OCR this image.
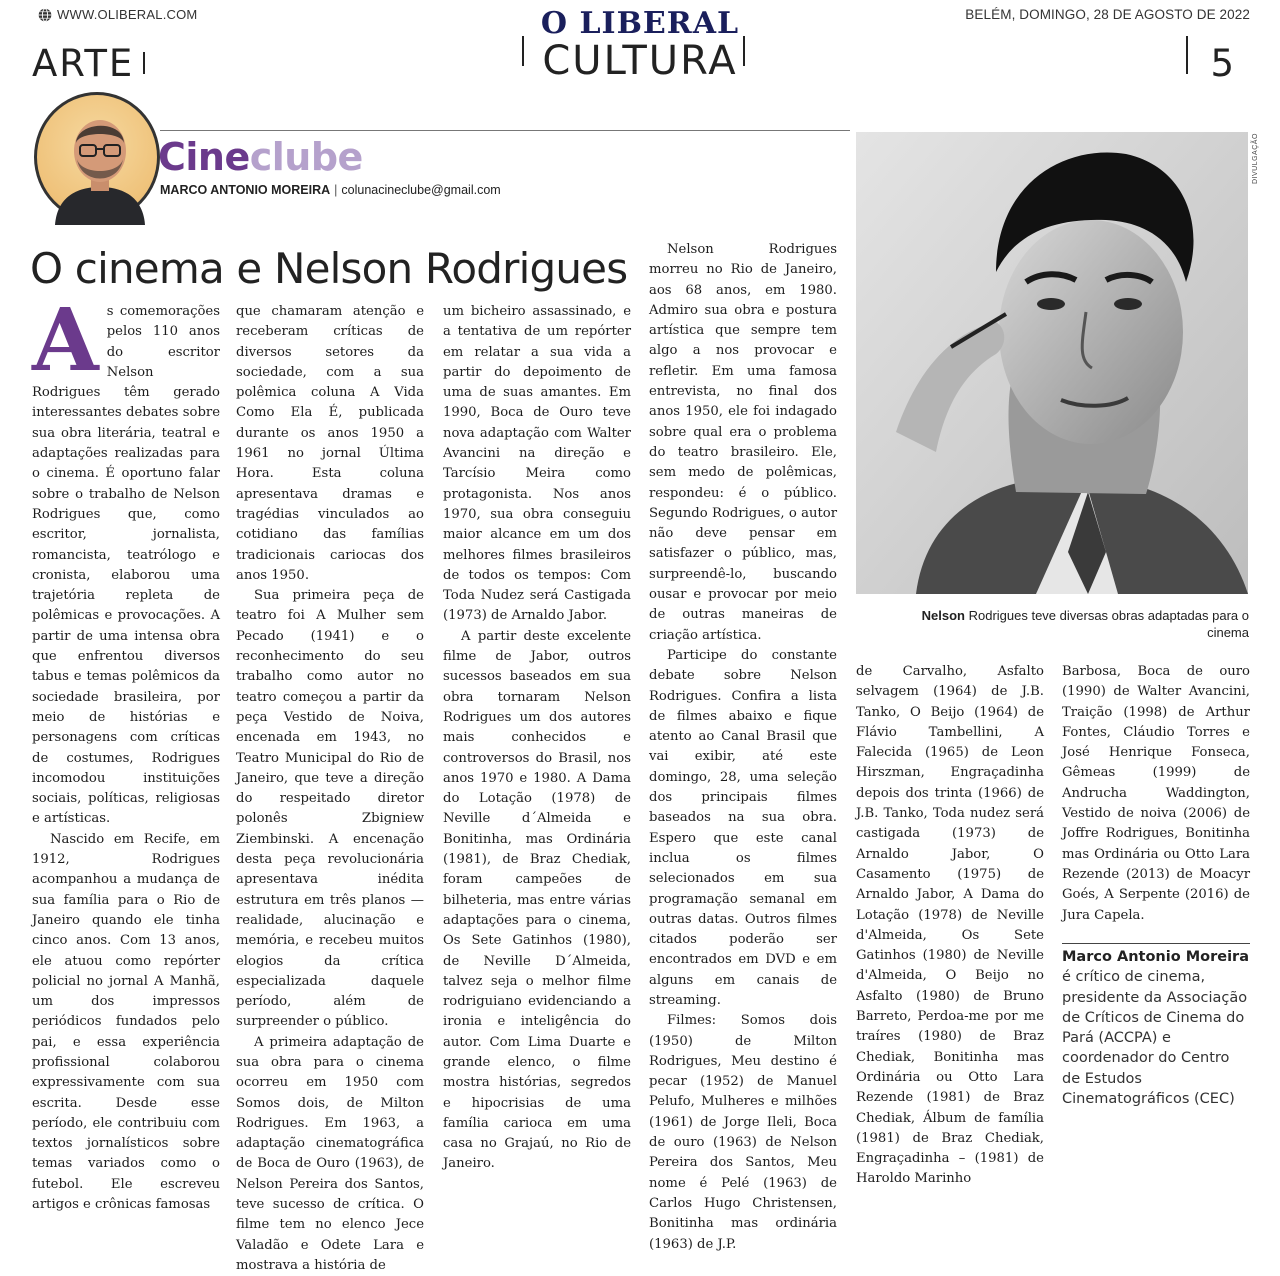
WWW.OLIBERAL.COM	O LIBERAL	BELÉM, DOMINGO, 28 DE AGOSTO DE 2022
ARTE	CULTURA	5
Cineclube
MARCO ANTONIO MOREIRA | colunacineclube@gmail.com
O cinema e Nelson Rodrigues

As comemorações pelos 110 anos do escritor Nelson Rodrigues têm gerado interessantes debates sobre sua obra literária, teatral e adaptações realizadas para o cinema. É oportuno falar sobre o trabalho de Nelson Rodrigues que, como escritor, jornalista, romancista, teatrólogo e cronista, elaborou uma trajetória repleta de polêmicas e provocações. A partir de uma intensa obra que enfrentou diversos tabus e temas polêmicos da sociedade brasileira, por meio de histórias e personagens com críticas de costumes, Rodrigues incomodou instituições sociais, políticas, religiosas e artísticas.

Nascido em Recife, em 1912, Rodrigues acompanhou a mudança de sua família para o Rio de Janeiro quando ele tinha cinco anos. Com 13 anos, ele atuou como repórter policial no jornal A Manhã, um dos impressos periódicos fundados pelo pai, e essa experiência profissional colaborou expressivamente com sua escrita. Desde esse período, ele contribuiu com textos jornalísticos sobre temas variados como o futebol. Ele escreveu artigos e crônicas famosas

que chamaram atenção e receberam críticas de diversos setores da sociedade, com a sua polêmica coluna A Vida Como Ela É, publicada durante os anos 1950 a 1961 no jornal Última Hora. Esta coluna apresentava dramas e tragédias vinculados ao cotidiano das famílias tradicionais cariocas dos anos 1950.

Sua primeira peça de teatro foi A Mulher sem Pecado (1941) e o reconhecimento do seu trabalho como autor no teatro começou a partir da peça Vestido de Noiva, encenada em 1943, no Teatro Municipal do Rio de Janeiro, que teve a direção do respeitado diretor polonês Zbigniew Ziembinski. A encenação desta peça revolucionária apresentava inédita estrutura em três planos — realidade, alucinação e memória, e recebeu muitos elogios da crítica especializada daquele período, além de surpreender o público.

A primeira adaptação de sua obra para o cinema ocorreu em 1950 com Somos dois, de Milton Rodrigues. Em 1963, a adaptação cinematográfica de Boca de Ouro (1963), de Nelson Pereira dos Santos, teve sucesso de crítica. O filme tem no elenco Jece Valadão e Odete Lara e mostrava a história de

um bicheiro assassinado, e a tentativa de um repórter em relatar a sua vida a partir do depoimento de uma de suas amantes. Em 1990, Boca de Ouro teve nova adaptação com Walter Avancini na direção e Tarcísio Meira como protagonista. Nos anos 1970, sua obra conseguiu maior alcance em um dos melhores filmes brasileiros de todos os tempos: Com Toda Nudez será Castigada (1973) de Arnaldo Jabor.

A partir deste excelente filme de Jabor, outros sucessos baseados em sua obra tornaram Nelson Rodrigues um dos autores mais conhecidos e controversos do Brasil, nos anos 1970 e 1980. A Dama do Lotação (1978) de Neville d´Almeida e Bonitinha, mas Ordinária (1981), de Braz Chediak, foram campeões de bilheteria, mas entre várias adaptações para o cinema, Os Sete Gatinhos (1980), de Neville D´Almeida, talvez seja o melhor filme rodriguiano evidenciando a ironia e inteligência do autor. Com Lima Duarte e grande elenco, o filme mostra histórias, segredos e hipocrisias de uma família carioca em uma casa no Grajaú, no Rio de Janeiro.

Nelson Rodrigues morreu no Rio de Janeiro, aos 68 anos, em 1980. Admiro sua obra e postura artística que sempre tem algo a nos provocar e refletir. Em uma famosa entrevista, no final dos anos 1950, ele foi indagado sobre qual era o problema do teatro brasileiro. Ele, sem medo de polêmicas, respondeu: é o público. Segundo Rodrigues, o autor não deve pensar em satisfazer o público, mas, surpreendê-lo, buscando ousar e provocar por meio de outras maneiras de criação artística.

Participe do constante debate sobre Nelson Rodrigues. Confira a lista de filmes abaixo e fique atento ao Canal Brasil que vai exibir, até este domingo, 28, uma seleção dos principais filmes baseados na sua obra. Espero que este canal inclua os filmes selecionados em sua programação semanal em outras datas. Outros filmes citados poderão ser encontrados em DVD e em alguns em canais de streaming.

Filmes: Somos dois (1950) de Milton Rodrigues, Meu destino é pecar (1952) de Manuel Pelufo, Mulheres e milhões (1961) de Jorge Ileli, Boca de ouro (1963) de Nelson Pereira dos Santos, Meu nome é Pelé (1963) de Carlos Hugo Christensen, Bonitinha mas ordinária (1963) de J.P.

DIVULGAÇÃO
Nelson Rodrigues teve diversas obras adaptadas para o cinema

de Carvalho, Asfalto selvagem (1964) de J.B. Tanko, O Beijo (1964) de Flávio Tambellini, A Falecida (1965) de Leon Hirszman, Engraçadinha depois dos trinta (1966) de J.B. Tanko, Toda nudez será castigada (1973) de Arnaldo Jabor, O Casamento (1975) de Arnaldo Jabor, A Dama do Lotação (1978) de Neville d'Almeida, Os Sete Gatinhos (1980) de Neville d'Almeida, O Beijo no Asfalto (1980) de Bruno Barreto, Perdoa-me por me traíres (1980) de Braz Chediak, Bonitinha mas Ordinária ou Otto Lara Rezende (1981) de Braz Chediak, Álbum de família (1981) de Braz Chediak, Engraçadinha – (1981) de Haroldo Marinho

Barbosa, Boca de ouro (1990) de Walter Avancini, Traição (1998) de Arthur Fontes, Cláudio Torres e José Henrique Fonseca, Gêmeas (1999) de Andrucha Waddington, Vestido de noiva (2006) de Joffre Rodrigues, Bonitinha mas Ordinária ou Otto Lara Rezende (2013) de Moacyr Goés, A Serpente (2016) de Jura Capela.

Marco Antonio Moreira é crítico de cinema, presidente da Associação de Críticos de Cinema do Pará (ACCPA) e coordenador do Centro de Estudos Cinematográficos (CEC)
